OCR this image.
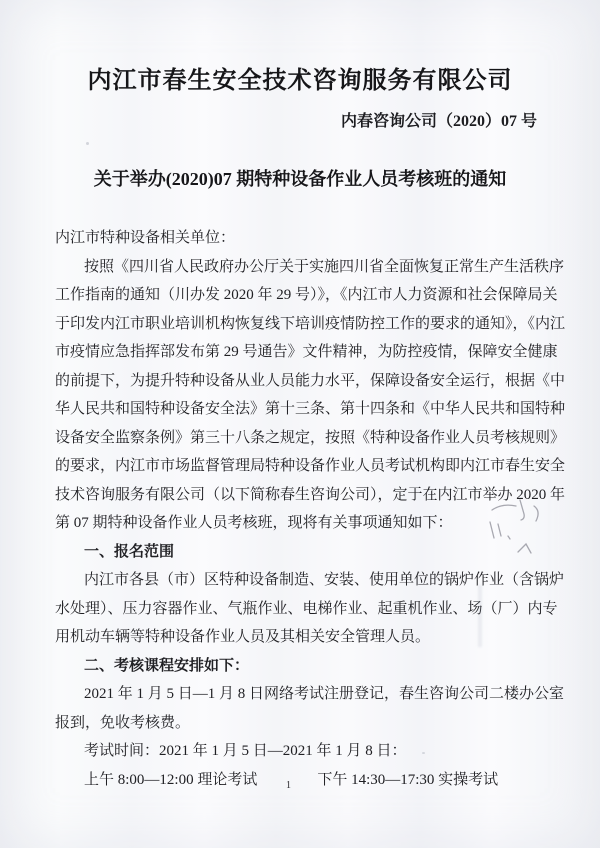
内江市春生安全技术咨询服务有限公司
内春咨询公司（2020）07 号
关于举办(2020)07 期特种设备作业人员考核班的通知
内江市特种设备相关单位：
按照《四川省人民政府办公厅关于实施四川省全面恢复正常生产生活秩序
工作指南的通知（川办发 2020 年 29 号）》，《内江市人力资源和社会保障局关
于印发内江市职业培训机构恢复线下培训疫情防控工作的要求的通知》，《内江
市疫情应急指挥部发布第 29 号通告》文件精神，为防控疫情，保障安全健康
的前提下，为提升特种设备从业人员能力水平，保障设备安全运行，根据《中
华人民共和国特种设备安全法》第十三条、第十四条和《中华人民共和国特种
设备安全监察条例》第三十八条之规定，按照《特种设备作业人员考核规则》
的要求，内江市市场监督管理局特种设备作业人员考试机构即内江市春生安全
技术咨询服务有限公司（以下简称春生咨询公司），定于在内江市举办 2020 年
第 07 期特种设备作业人员考核班，现将有关事项通知如下：
一、报名范围
内江市各县（市）区特种设备制造、安装、使用单位的锅炉作业（含锅炉
水处理）、压力容器作业、气瓶作业、电梯作业、起重机作业、场（厂）内专
用机动车辆等特种设备作业人员及其相关安全管理人员。
二、考核课程安排如下：
2021 年 1 月 5 日—1 月 8 日网络考试注册登记，春生咨询公司二楼办公室
报到，免收考核费。
考试时间：2021 年 1 月 5 日—2021 年 1 月 8 日：
上午 8:00—12:00 理论考试	下午 14:30—17:30 实操考试
1
